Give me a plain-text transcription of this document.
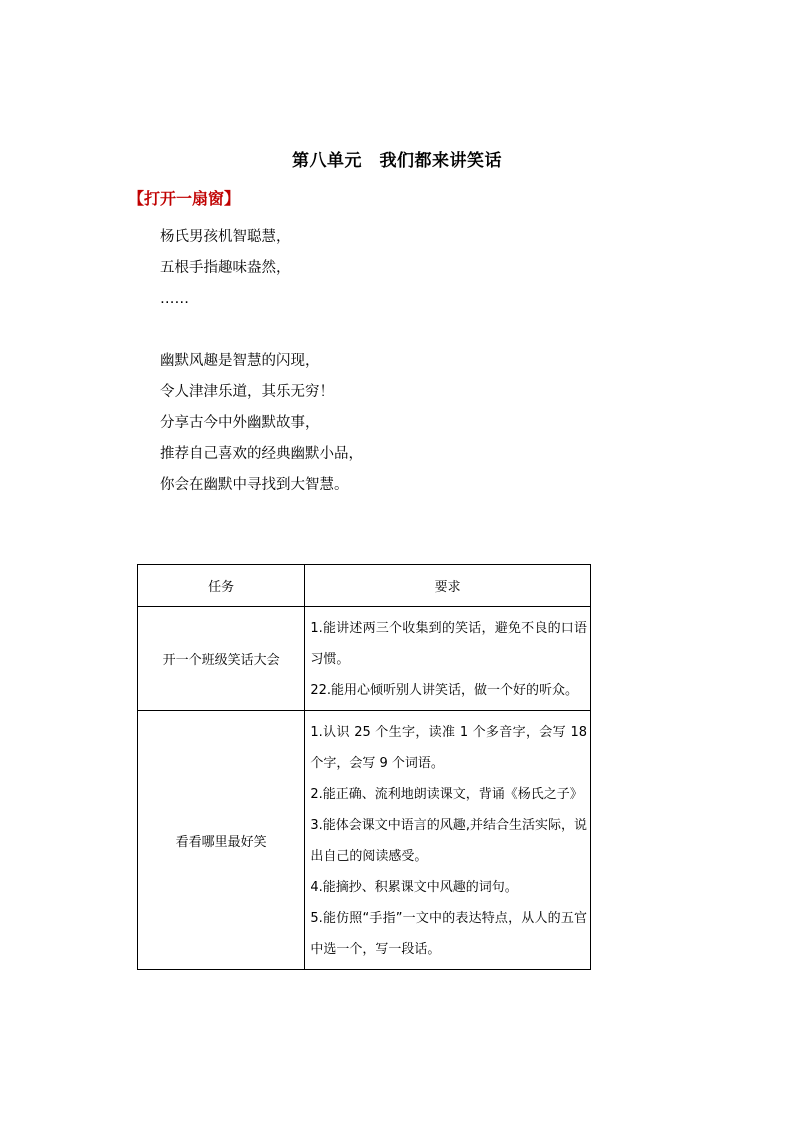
第八单元　我们都来讲笑话
【打开一扇窗】
杨氏男孩机智聪慧，
五根手指趣味盎然，
……
幽默风趣是智慧的闪现，
令人津津乐道，其乐无穷！
分享古今中外幽默故事，
推荐自己喜欢的经典幽默小品，
你会在幽默中寻找到大智慧。
任务	要求
开一个班级笑话大会	1.能讲述两三个收集到的笑话，避免不良的口语习惯。
22.能用心倾听别人讲笑话，做一个好的听众。

看看哪里最好笑	1.认识 25 个生字，读准 1 个多音字，会写 18 个字，会写 9 个词语。
2.能正确、流利地朗读课文，背诵《杨氏之子》
3.能体会课文中语言的风趣,并结合生活实际，说出自己的阅读感受。
4.能摘抄、积累课文中风趣的词句。
5.能仿照“手指”一文中的表达特点，从人的五官中选一个，写一段话。
